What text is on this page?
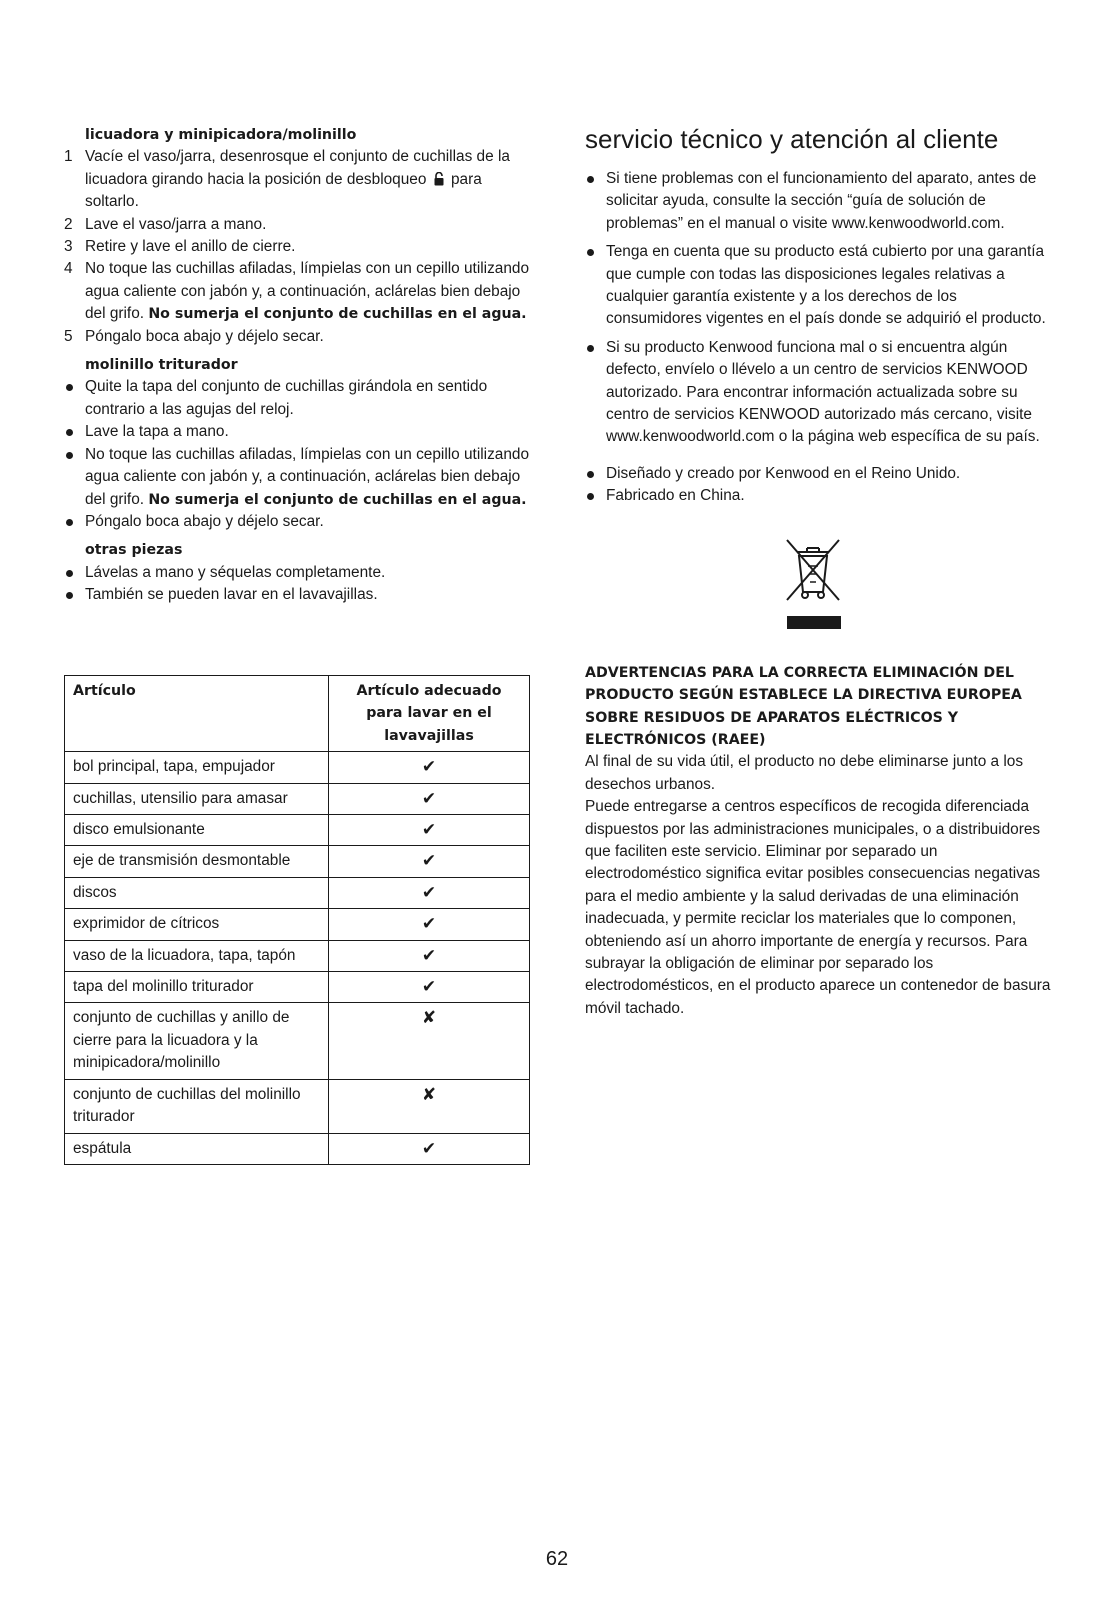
licuadora y minipicadora/molinillo

1 Vacíe el vaso/jarra, desenrosque el conjunto de cuchillas de la licuadora girando hacia la posición de desbloqueo para soltarlo.
2 Lave el vaso/jarra a mano.
3 Retire y lave el anillo de cierre.
4 No toque las cuchillas afiladas, límpielas con un cepillo utilizando agua caliente con jabón y, a continuación, aclárelas bien debajo del grifo. No sumerja el conjunto de cuchillas en el agua.
5 Póngalo boca abajo y déjelo secar.

molinillo triturador

Quite la tapa del conjunto de cuchillas girándola en sentido contrario a las agujas del reloj.
Lave la tapa a mano.
No toque las cuchillas afiladas, límpielas con un cepillo utilizando agua caliente con jabón y, a continuación, aclárelas bien debajo del grifo. No sumerja el conjunto de cuchillas en el agua.
Póngalo boca abajo y déjelo secar.

otras piezas

Lávelas a mano y séquelas completamente.
También se pueden lavar en el lavavajillas.
Artículo	Artículo adecuado para lavar en el lavavajillas
bol principal, tapa, empujador	✔
cuchillas, utensilio para amasar	✔
disco emulsionante	✔
eje de transmisión desmontable	✔
discos	✔
exprimidor de cítricos	✔
vaso de la licuadora, tapa, tapón	✔
tapa del molinillo triturador	✔
conjunto de cuchillas y anillo de cierre para la licuadora y la minipicadora/molinillo	✘
conjunto de cuchillas del molinillo triturador	✘
espátula	✔
servicio técnico y atención al cliente
Si tiene problemas con el funcionamiento del aparato, antes de solicitar ayuda, consulte la sección “guía de solución de problemas” en el manual o visite www.kenwoodworld.com.
Tenga en cuenta que su producto está cubierto por una garantía que cumple con todas las disposiciones legales relativas a cualquier garantía existente y a los derechos de los consumidores vigentes en el país donde se adquirió el producto.
Si su producto Kenwood funciona mal o si encuentra algún defecto, envíelo o llévelo a un centro de servicios KENWOOD autorizado. Para encontrar información actualizada sobre su centro de servicios KENWOOD autorizado más cercano, visite www.kenwoodworld.com o la página web específica de su país.
Diseñado y creado por Kenwood en el Reino Unido.
Fabricado en China.

ADVERTENCIAS PARA LA CORRECTA ELIMINACIÓN DEL PRODUCTO SEGÚN ESTABLECE LA DIRECTIVA EUROPEA SOBRE RESIDUOS DE APARATOS ELÉCTRICOS Y ELECTRÓNICOS (RAEE)

Al final de su vida útil, el producto no debe eliminarse junto a los desechos urbanos.

Puede entregarse a centros específicos de recogida diferenciada dispuestos por las administraciones municipales, o a distribuidores que faciliten este servicio. Eliminar por separado un electrodoméstico significa evitar posibles consecuencias negativas para el medio ambiente y la salud derivadas de una eliminación inadecuada, y permite reciclar los materiales que lo componen, obteniendo así un ahorro importante de energía y recursos. Para subrayar la obligación de eliminar por separado los electrodomésticos, en el producto aparece un contenedor de basura móvil tachado.

62
